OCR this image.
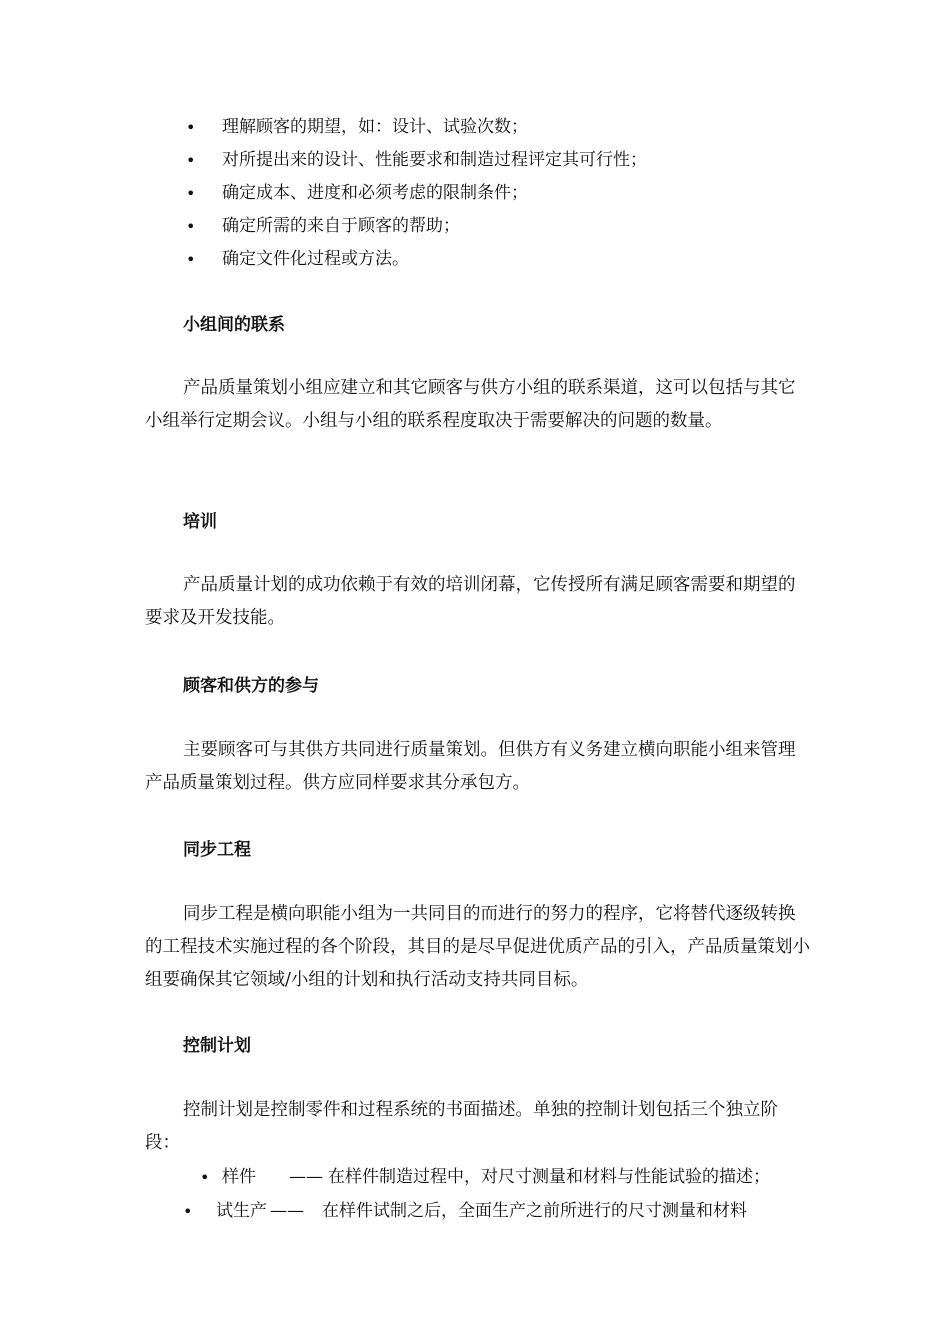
• 理解顾客的期望，如：设计、试验次数；
• 对所提出来的设计、性能要求和制造过程评定其可行性；
• 确定成本、进度和必须考虑的限制条件；
• 确定所需的来自于顾客的帮助；
• 确定文件化过程或方法。
小组间的联系

产品质量策划小组应建立和其它顾客与供方小组的联系渠道，这可以包括与其它小组举行定期会议。小组与小组的联系程度取决于需要解决的问题的数量。

培训

产品质量计划的成功依赖于有效的培训闭幕，它传授所有满足顾客需要和期望的要求及开发技能。

顾客和供方的参与

主要顾客可与其供方共同进行质量策划。但供方有义务建立横向职能小组来管理产品质量策划过程。供方应同样要求其分承包方。

同步工程

同步工程是横向职能小组为一共同目的而进行的努力的程序，它将替代逐级转换的工程技术实施过程的各个阶段，其目的是尽早促进优质产品的引入，产品质量策划小组要确保其它领域/小组的计划和执行活动支持共同目标。

控制计划

控制计划是控制零件和过程系统的书面描述。单独的控制计划包括三个独立阶段：

• 样件 —— 在样件制造过程中，对尺寸测量和材料与性能试验的描述；
• 试生产 —— 在样件试制之后，全面生产之前所进行的尺寸测量和材料
